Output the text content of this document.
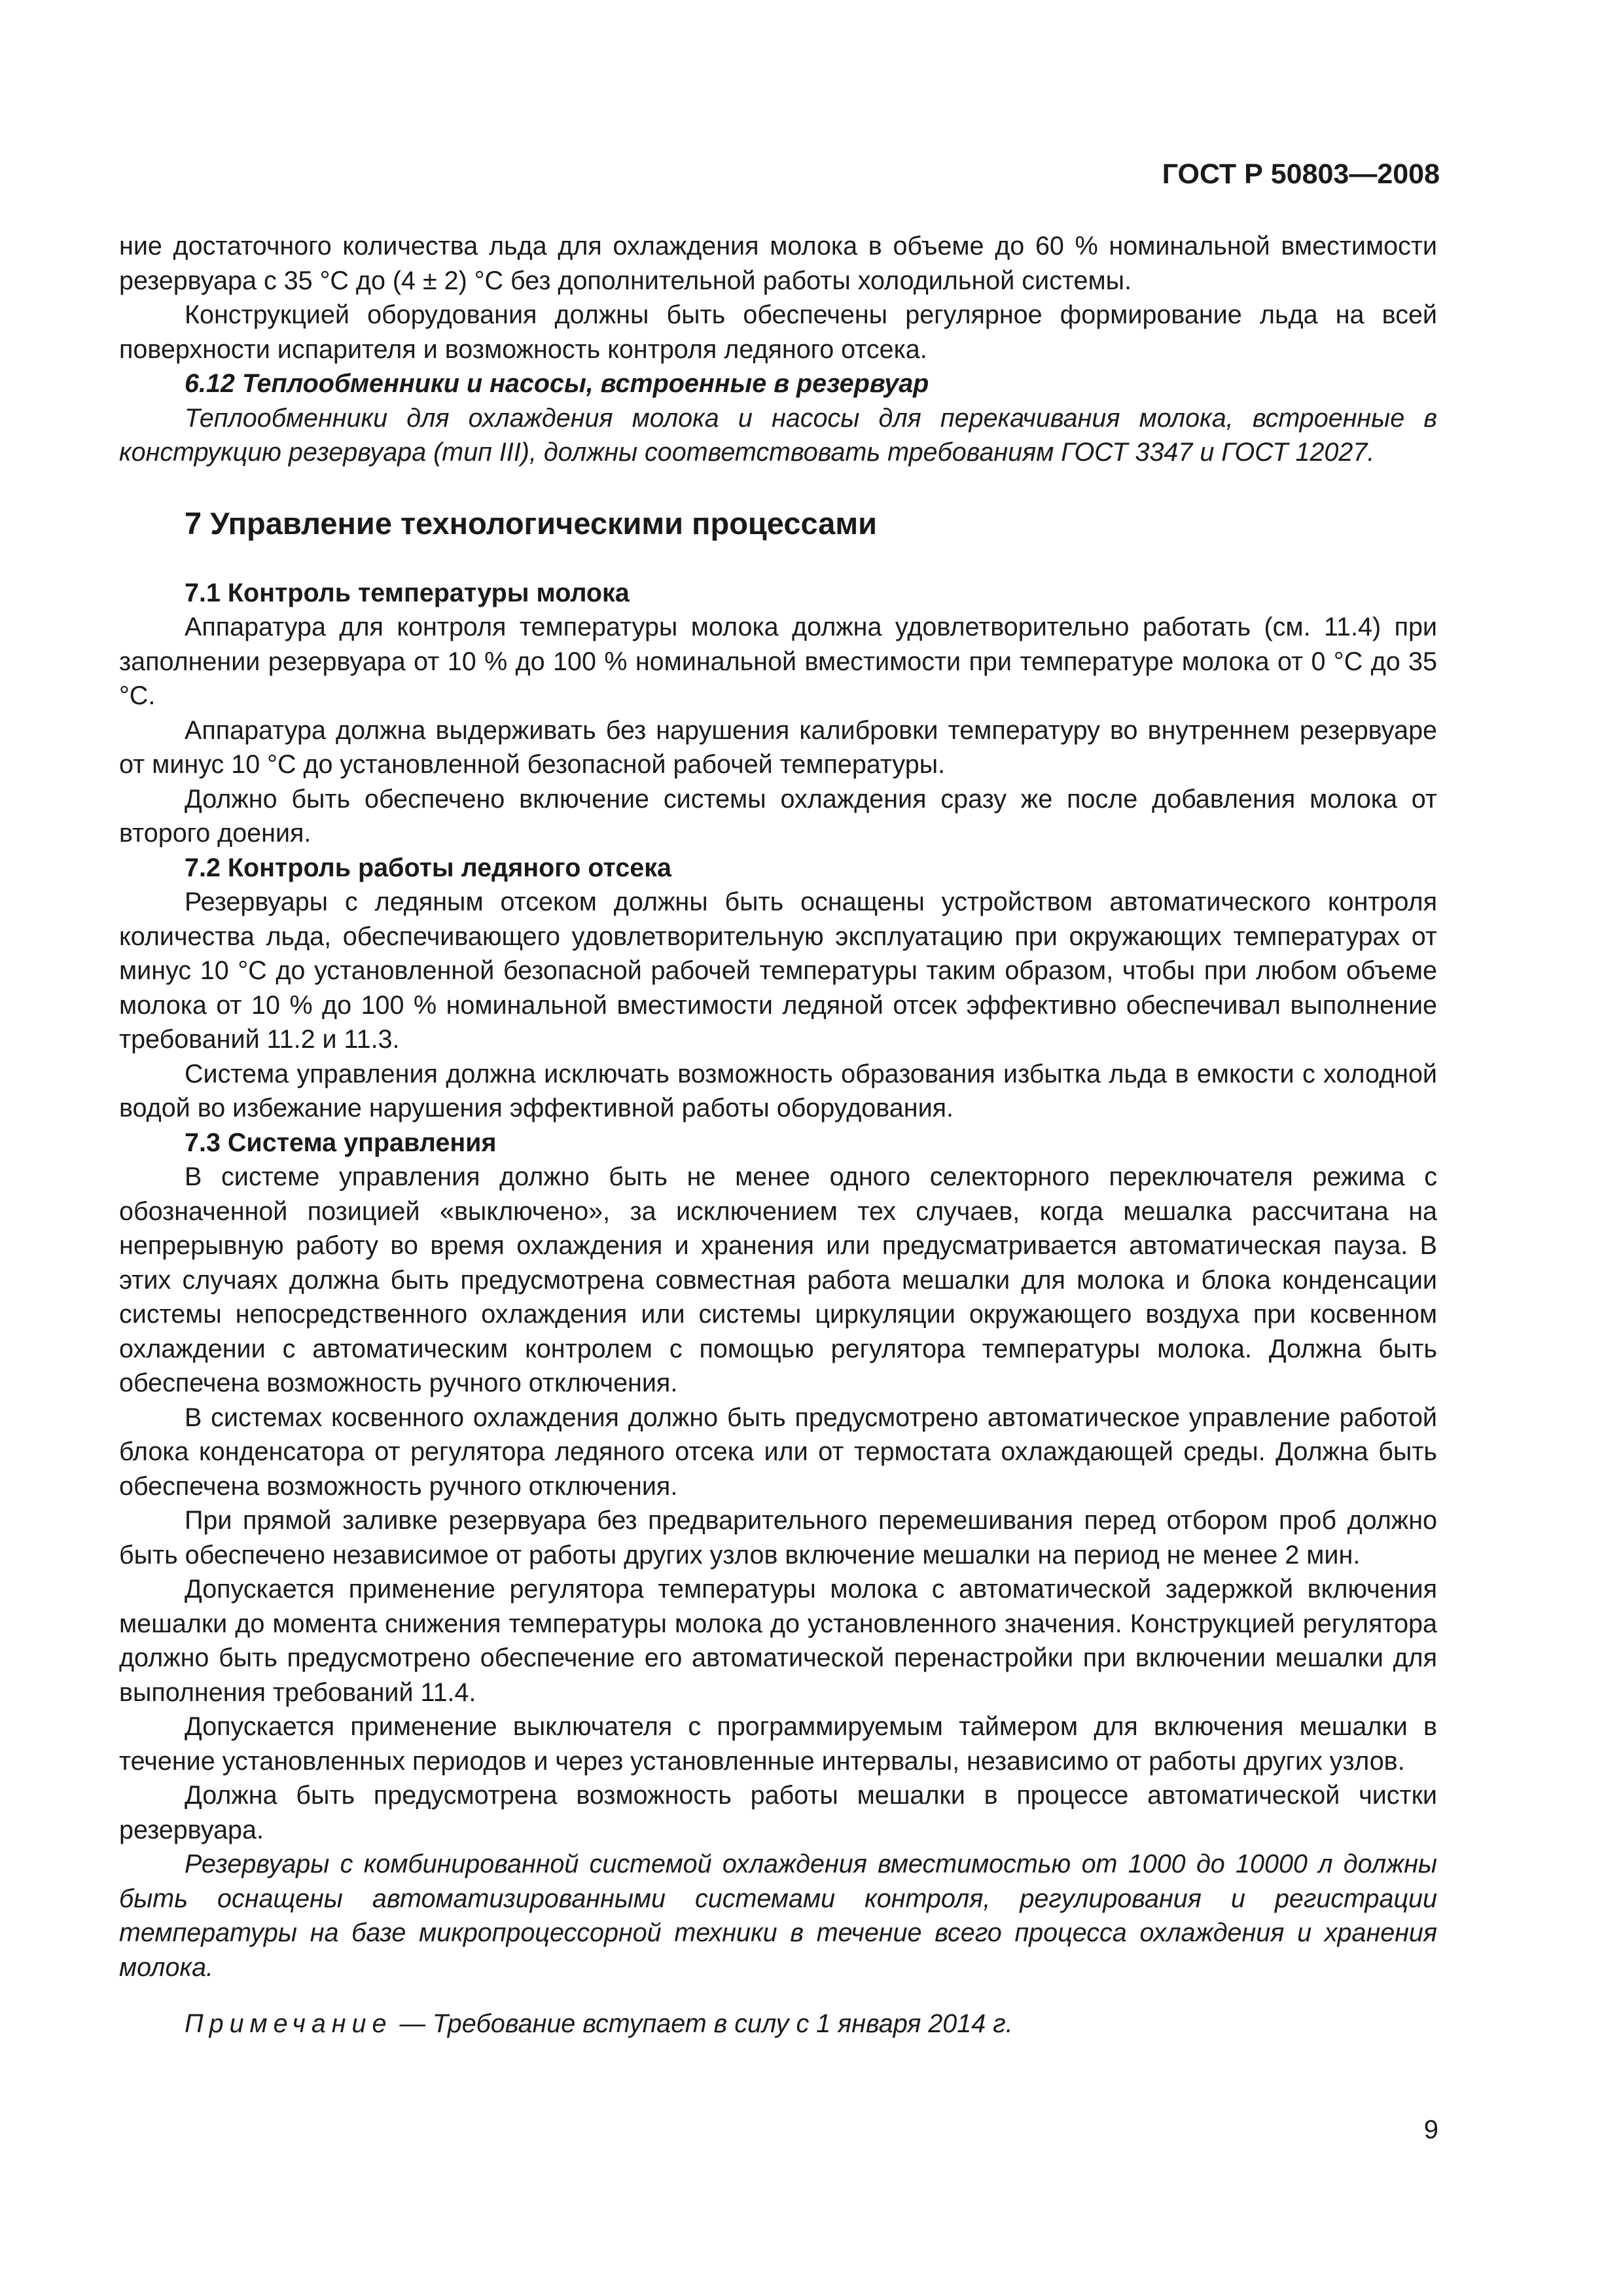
ГОСТ Р 50803—2008

ние достаточного количества льда для охлаждения молока в объеме до 60 % номинальной вместимости резервуара с 35 °C до (4 ± 2) °C без дополнительной работы холодильной системы.

Конструкцией оборудования должны быть обеспечены регулярное формирование льда на всей поверхности испарителя и возможность контроля ледяного отсека.

6.12 Теплообменники и насосы, встроенные в резервуар

Теплообменники для охлаждения молока и насосы для перекачивания молока, встроенные в конструкцию резервуара (тип III), должны соответствовать требованиям ГОСТ 3347 и ГОСТ 12027.

7 Управление технологическими процессами

7.1 Контроль температуры молока

Аппаратура для контроля температуры молока должна удовлетворительно работать (см. 11.4) при заполнении резервуара от 10 % до 100 % номинальной вместимости при температуре молока от 0 °C до 35 °C.

Аппаратура должна выдерживать без нарушения калибровки температуру во внутреннем резервуаре от минус 10 °C до установленной безопасной рабочей температуры.

Должно быть обеспечено включение системы охлаждения сразу же после добавления молока от второго доения.

7.2 Контроль работы ледяного отсека

Резервуары с ледяным отсеком должны быть оснащены устройством автоматического контроля количества льда, обеспечивающего удовлетворительную эксплуатацию при окружающих температурах от минус 10 °C до установленной безопасной рабочей температуры таким образом, чтобы при любом объеме молока от 10 % до 100 % номинальной вместимости ледяной отсек эффективно обеспечивал выполнение требований 11.2 и 11.3.

Система управления должна исключать возможность образования избытка льда в емкости с холодной водой во избежание нарушения эффективной работы оборудования.

7.3 Система управления

В системе управления должно быть не менее одного селекторного переключателя режима с обозначенной позицией «выключено», за исключением тех случаев, когда мешалка рассчитана на непрерывную работу во время охлаждения и хранения или предусматривается автоматическая пауза. В этих случаях должна быть предусмотрена совместная работа мешалки для молока и блока конденсации системы непосредственного охлаждения или системы циркуляции окружающего воздуха при косвенном охлаждении с автоматическим контролем с помощью регулятора температуры молока. Должна быть обеспечена возможность ручного отключения.

В системах косвенного охлаждения должно быть предусмотрено автоматическое управление работой блока конденсатора от регулятора ледяного отсека или от термостата охлаждающей среды. Должна быть обеспечена возможность ручного отключения.

При прямой заливке резервуара без предварительного перемешивания перед отбором проб должно быть обеспечено независимое от работы других узлов включение мешалки на период не менее 2 мин.

Допускается применение регулятора температуры молока с автоматической задержкой включения мешалки до момента снижения температуры молока до установленного значения. Конструкцией регулятора должно быть предусмотрено обеспечение его автоматической перенастройки при включении мешалки для выполнения требований 11.4.

Допускается применение выключателя с программируемым таймером для включения мешалки в течение установленных периодов и через установленные интервалы, независимо от работы других узлов.

Должна быть предусмотрена возможность работы мешалки в процессе автоматической чистки резервуара.

Резервуары с комбинированной системой охлаждения вместимостью от 1000 до 10000 л должны быть оснащены автоматизированными системами контроля, регулирования и регистрации температуры на базе микропроцессорной техники в течение всего процесса охлаждения и хранения молока.

Примечание — Требование вступает в силу с 1 января 2014 г.

9
